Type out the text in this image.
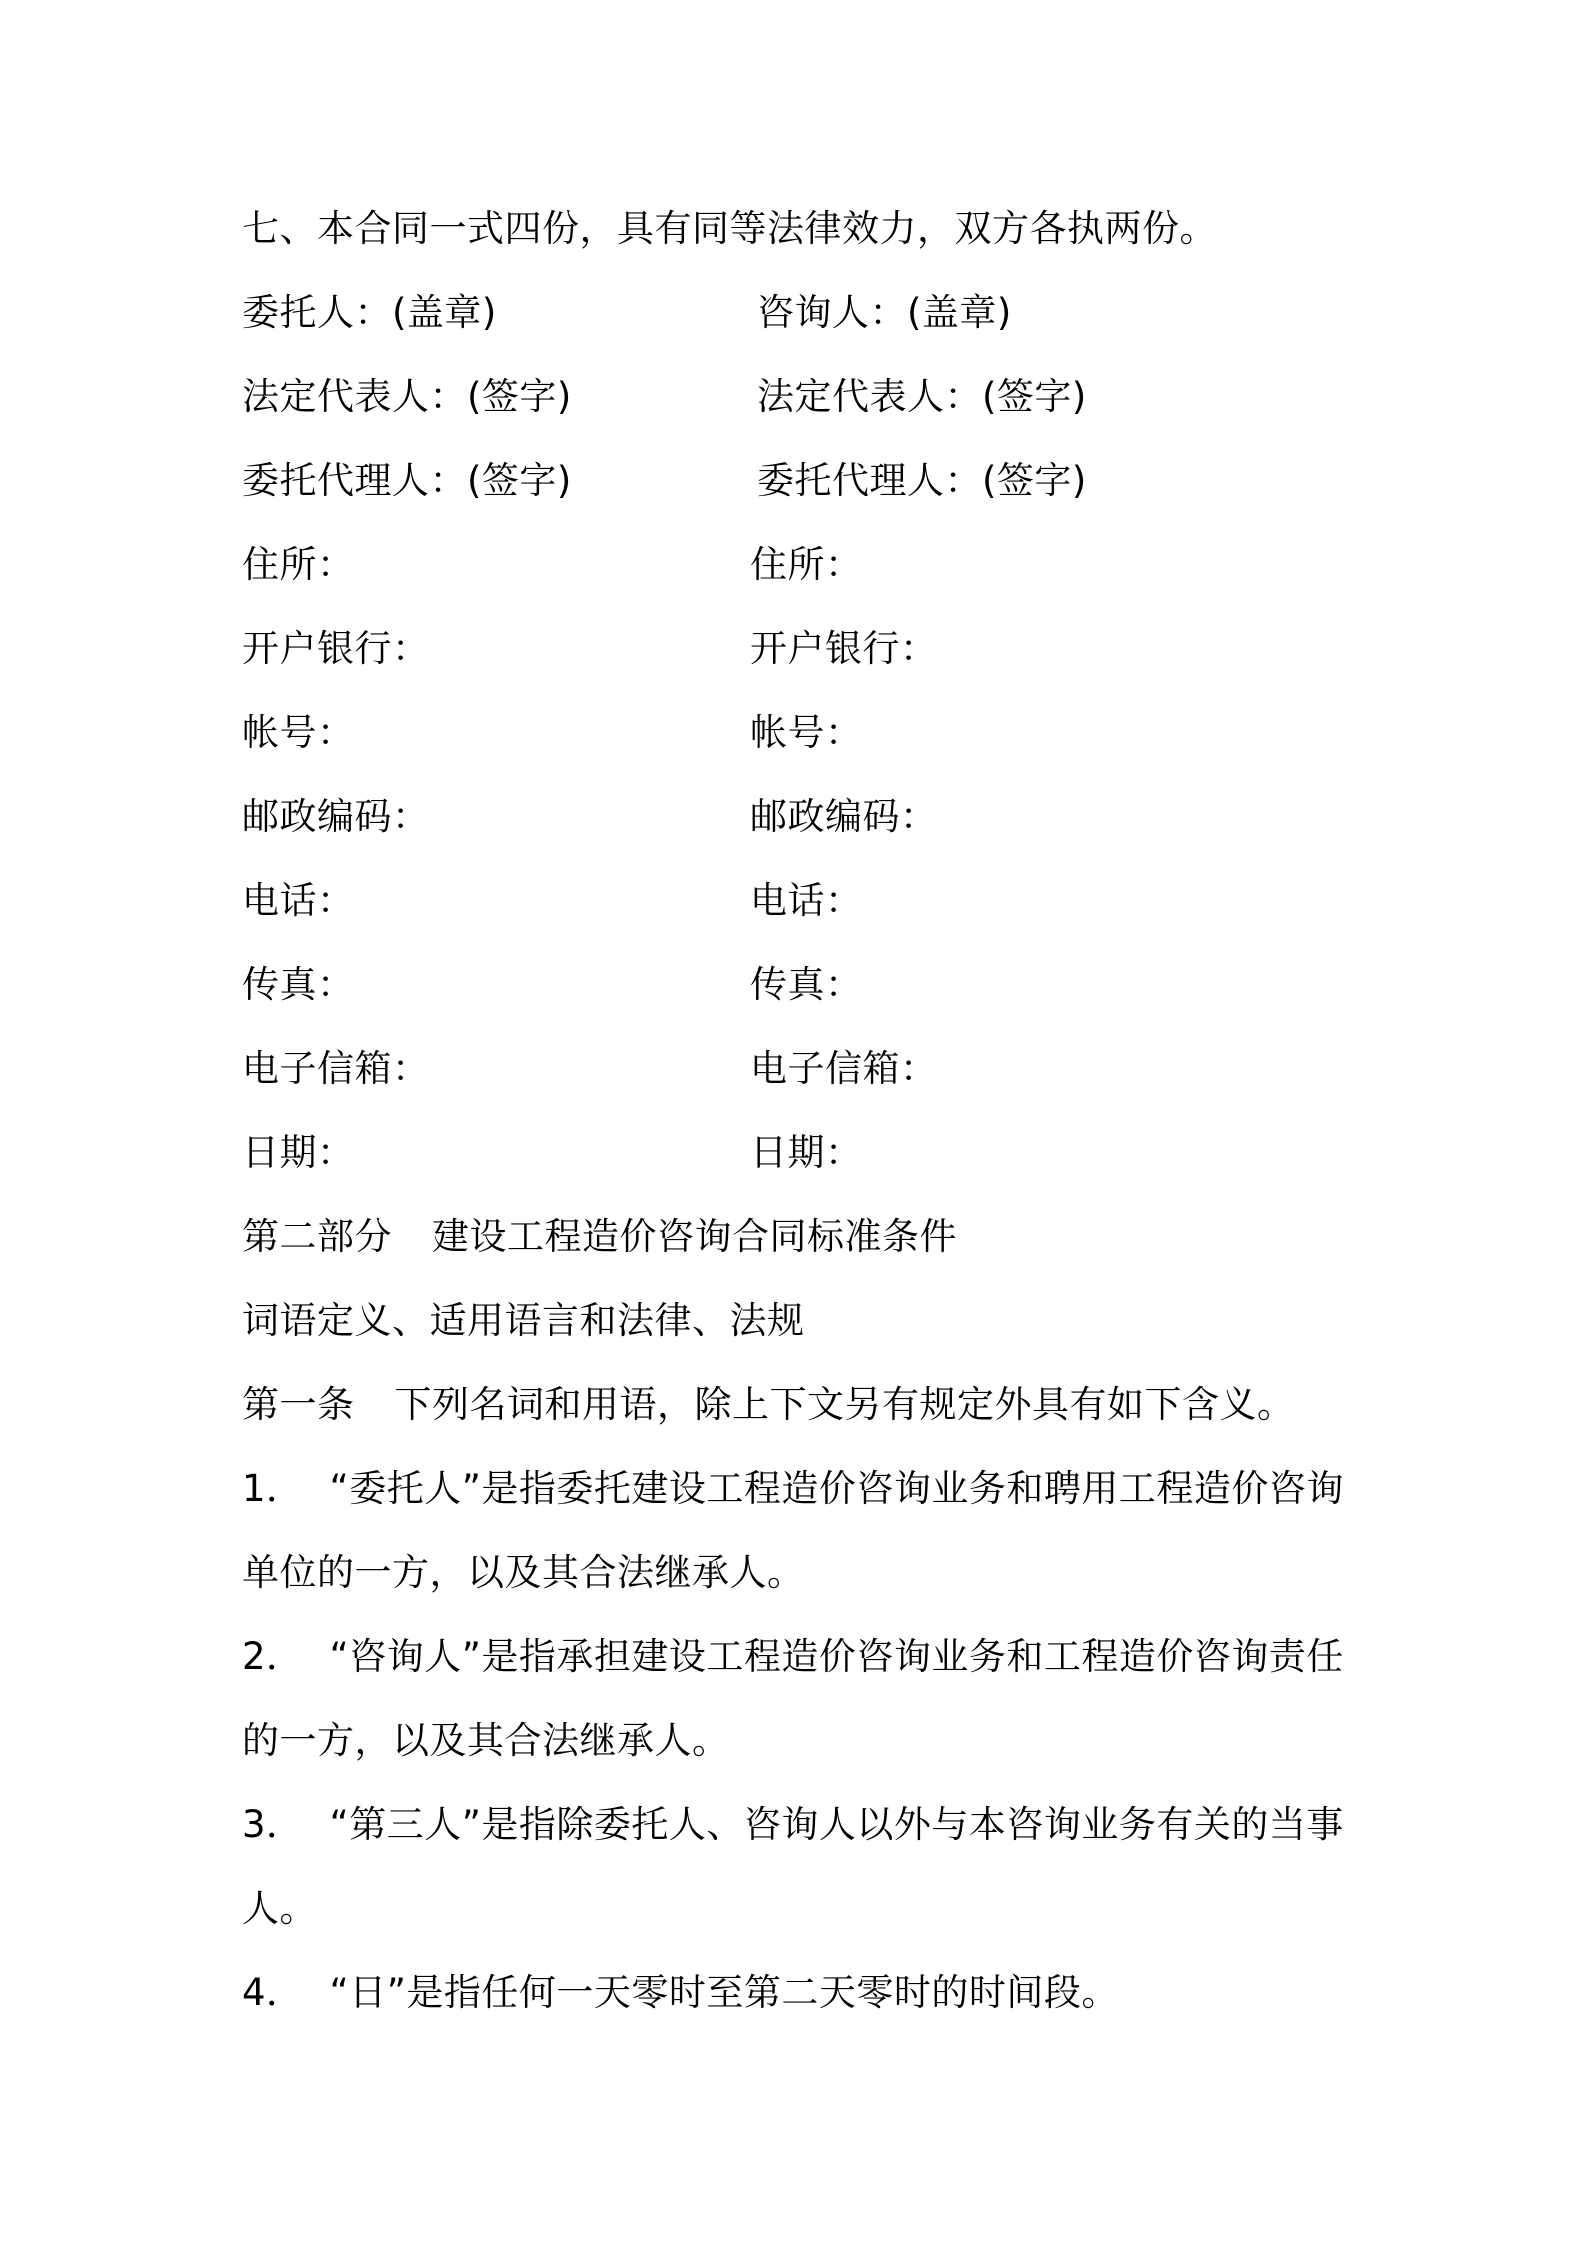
七、本合同一式四份，具有同等法律效力，双方各执两份。
委托人：(盖章)
法定代表人：(签字)
委托代理人：(签字)
住所：
开户银行：
帐号：
邮政编码：
电话：
传真：
电子信箱：
日期：
咨询人：(盖章)
法定代表人：(签字)
委托代理人：(签字)
住所：
开户银行：
帐号：
邮政编码：
电话：
传真：
电子信箱：
日期：
第二部分 建设工程造价咨询合同标准条件
词语定义、适用语言和法律、法规
第一条 下列名词和用语，除上下文另有规定外具有如下含义。
1． “委托人”是指委托建设工程造价咨询业务和聘用工程造价咨询
单位的一方，以及其合法继承人。
2． “咨询人”是指承担建设工程造价咨询业务和工程造价咨询责任
的一方，以及其合法继承人。
3． “第三人”是指除委托人、咨询人以外与本咨询业务有关的当事
人。
4． “日”是指任何一天零时至第二天零时的时间段。
